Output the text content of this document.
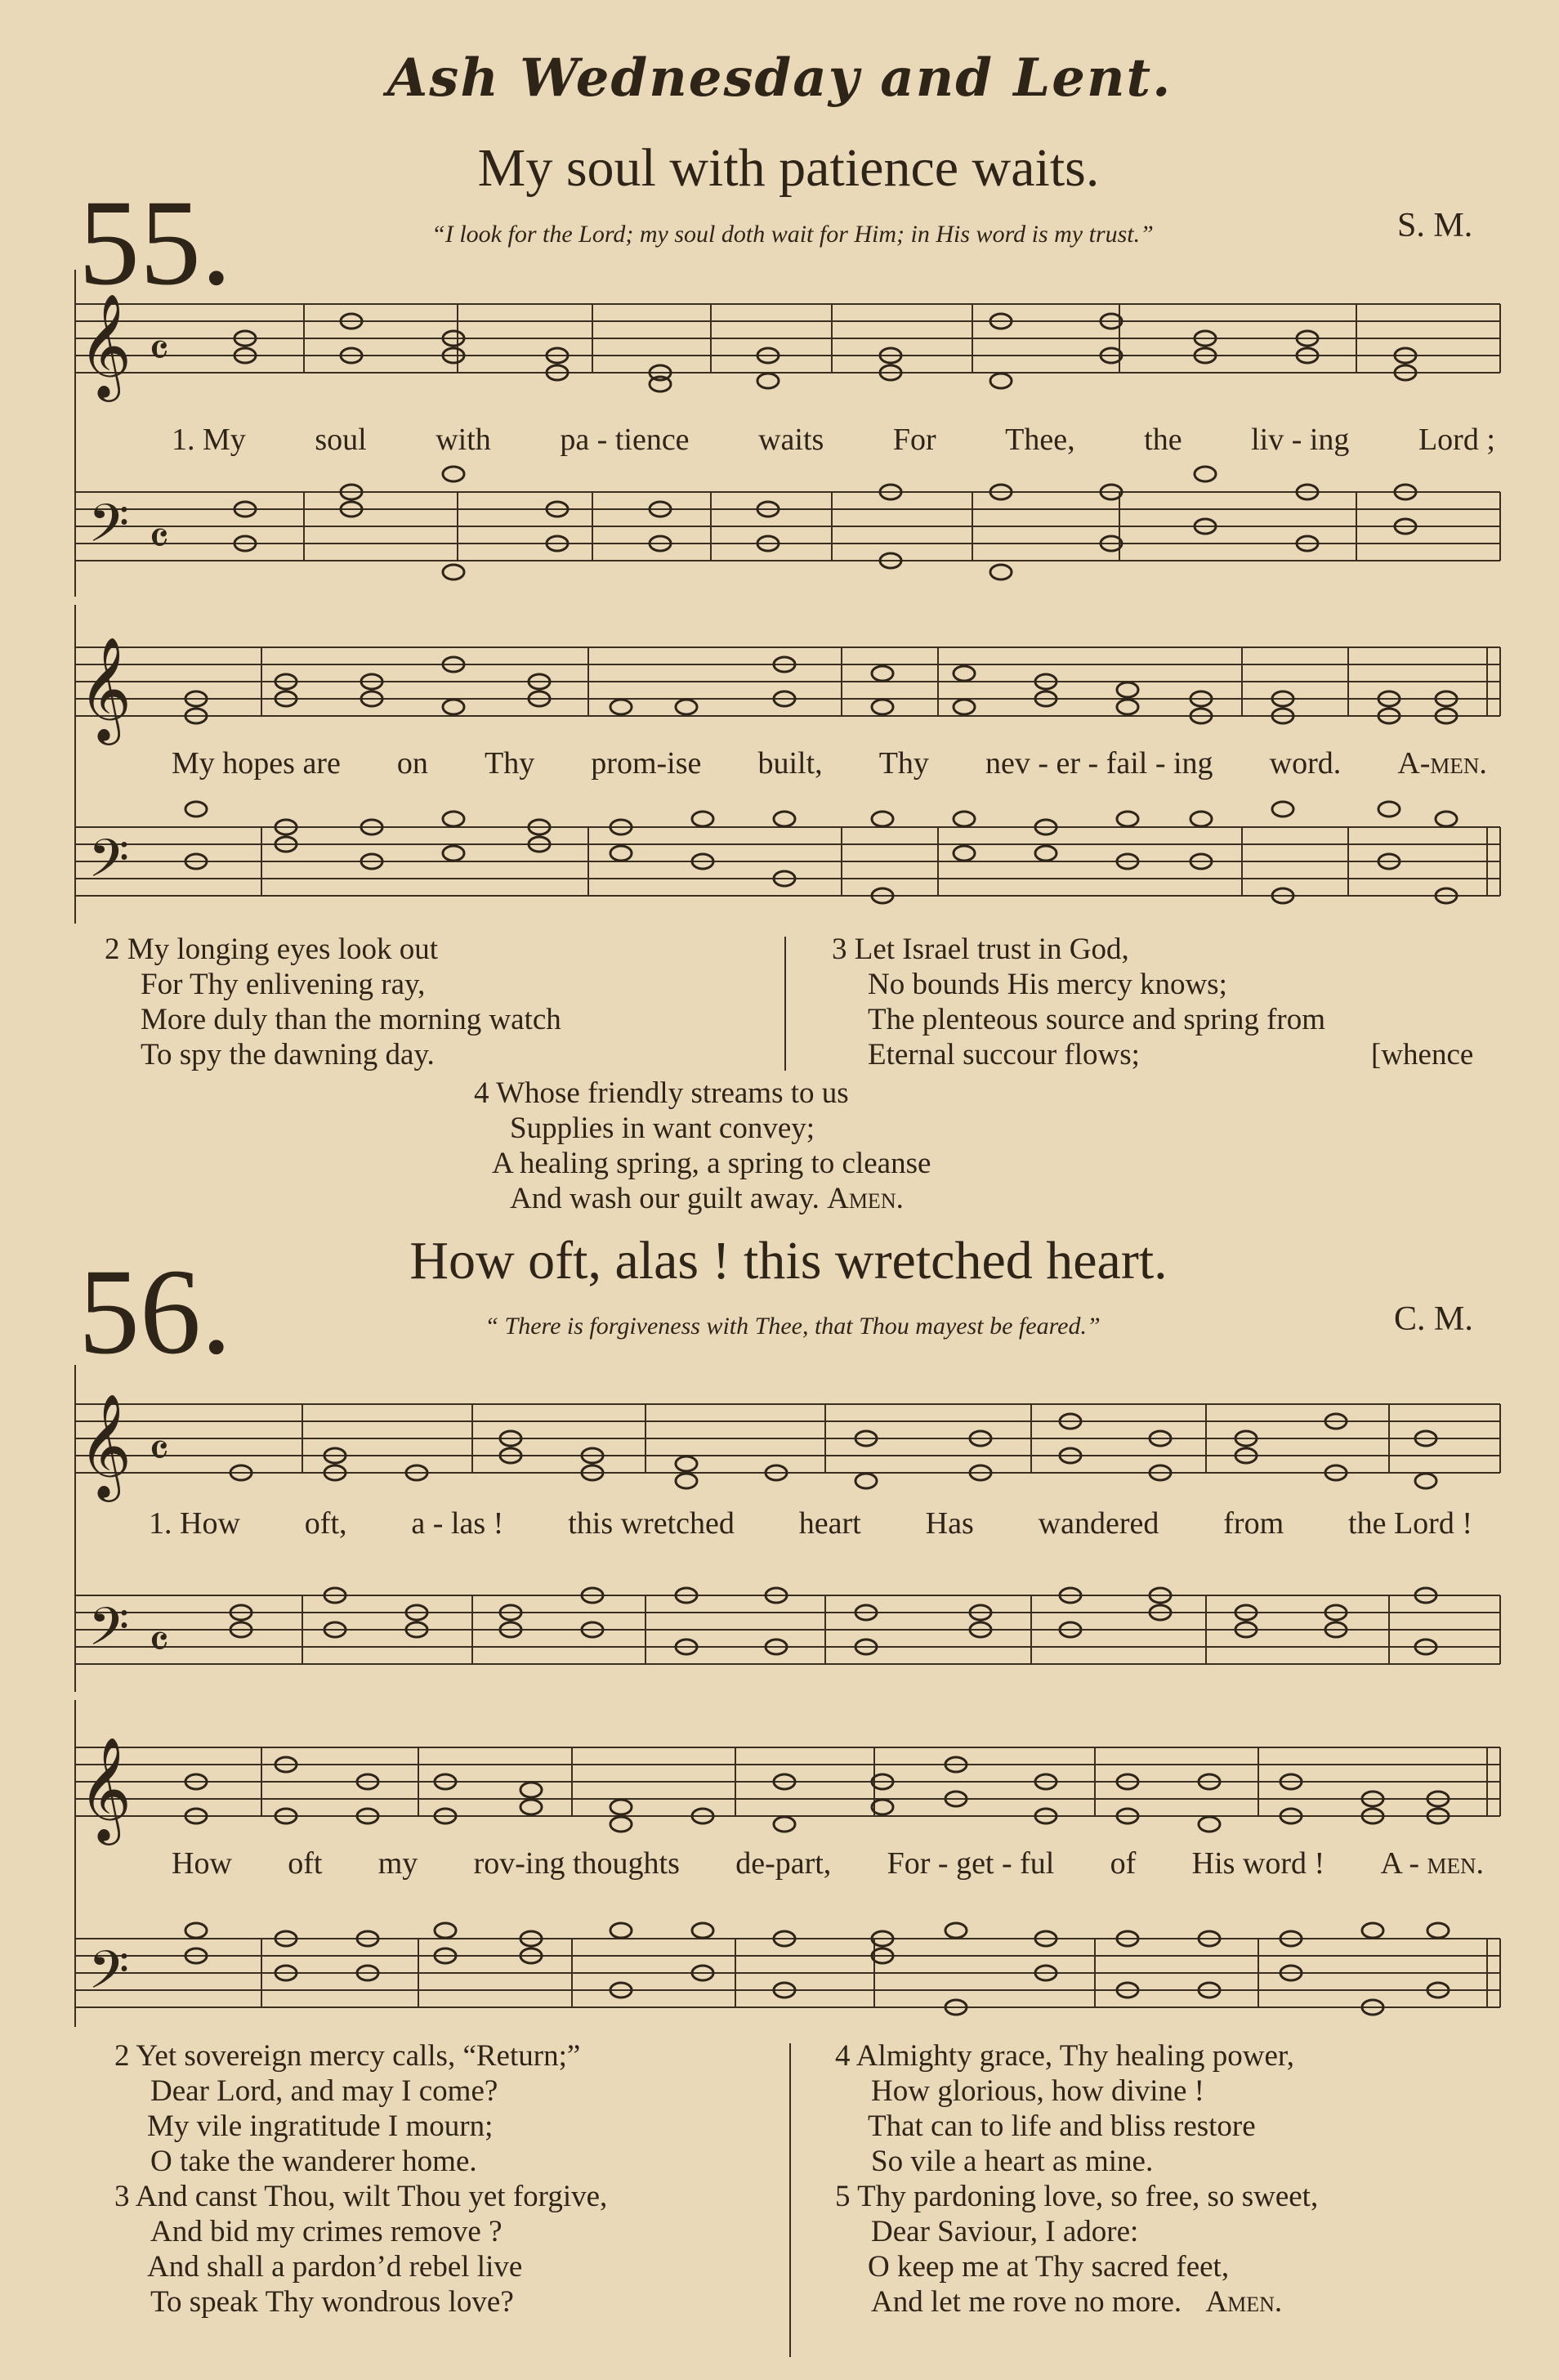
Ash Wednesday and Lent.
My soul with patience waits.
55.	“I look for the Lord; my soul doth wait for Him; in His word is my trust.”	S. M.
𝄞
𝄢
𝄴
𝄴
1. My soul with pa - tience waits For Thee, the liv - ing Lord ;
𝄞
𝄢
My hopes are on Thy prom-ise built, Thy nev - er - fail - ing word. A-men.
2 My longing eyes look out
For Thy enlivening ray,
More duly than the morning watch
To spy the dawning day.
3 Let Israel trust in God,
No bounds His mercy knows;
The plenteous source and spring from
Eternal succour flows;	[whence
4 Whose friendly streams to us
Supplies in want convey;
A healing spring, a spring to cleanse
And wash our guilt away. Amen.
How oft, alas ! this wretched heart.
56.	“ There is forgiveness with Thee, that Thou mayest be feared.”	C. M.
𝄞
𝄢
𝄴
𝄴
1. How oft, a - las ! this wretched heart Has wandered from the Lord !
𝄞
𝄢
How oft my rov-ing thoughts de-part, For - get - ful of His word ! A - men.
2 Yet sovereign mercy calls, “Return;”
Dear Lord, and may I come?
My vile ingratitude I mourn;
O take the wanderer home.
3 And canst Thou, wilt Thou yet forgive,
And bid my crimes remove ?
And shall a pardon’d rebel live
To speak Thy wondrous love?
4 Almighty grace, Thy healing power,
How glorious, how divine !
That can to life and bliss restore
So vile a heart as mine.
5 Thy pardoning love, so free, so sweet,
Dear Saviour, I adore:
O keep me at Thy sacred feet,
And let me rove no more. Amen.
